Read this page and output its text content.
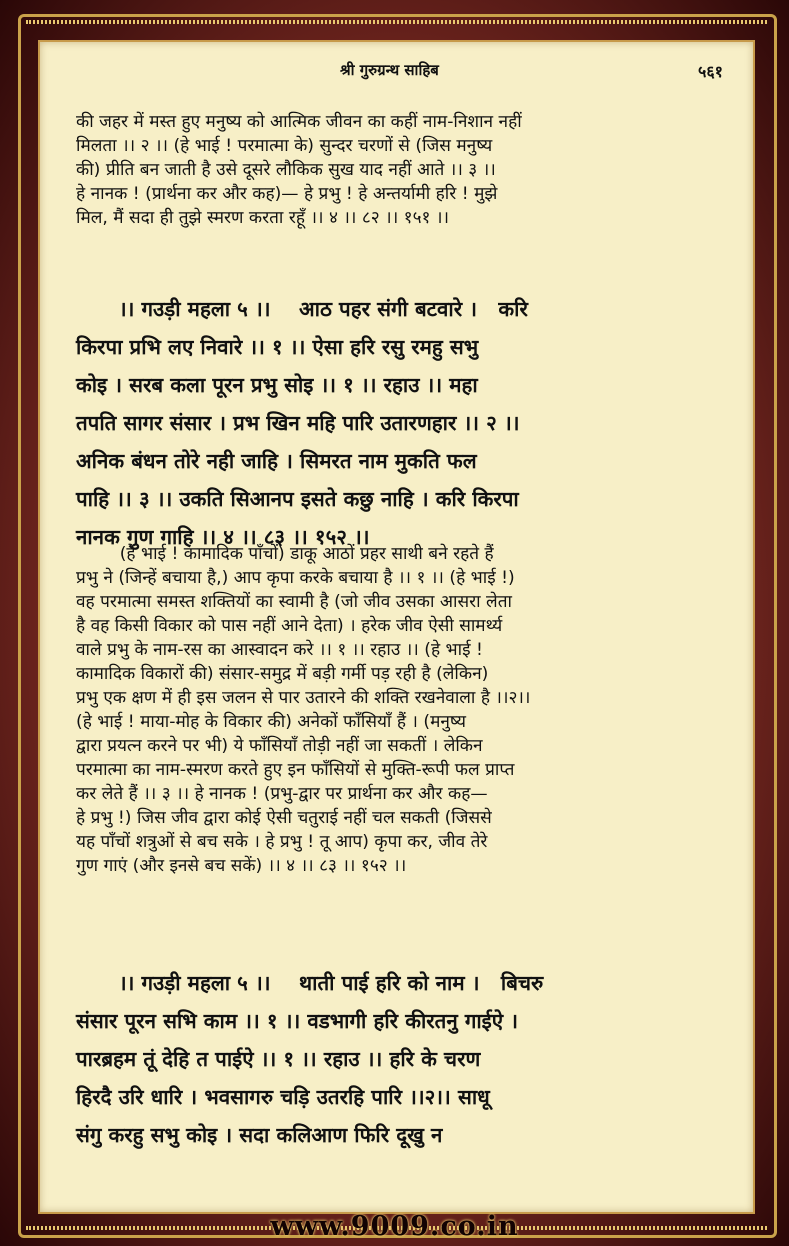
श्री गुरुग्रन्थ साहिब	५६१
की जहर में मस्त हुए मनुष्य को आत्मिक जीवन का कहीं नाम-निशान नहीं
मिलता ।। २ ।। (हे भाई ! परमात्मा के) सुन्दर चरणों से (जिस मनुष्य
की) प्रीति बन जाती है उसे दूसरे लौकिक सुख याद नहीं आते ।। ३ ।।
हे नानक ! (प्रार्थना कर और कह)— हे प्रभु ! हे अन्तर्यामी हरि ! मुझे
मिल, मैं सदा ही तुझे स्मरण करता रहूँ ।। ४ ।। ८२ ।। १५१ ।।
।। गउड़ी महला ५ ।।    आठ पहर संगी बटवारे ।   करि
किरपा प्रभि लए निवारे ।। १ ।। ऐसा हरि रसु रमहु सभु
कोइ । सरब कला पूरन प्रभु सोइ ।। १ ।। रहाउ ।। महा
तपति सागर संसार । प्रभ खिन महि पारि उतारणहार ।। २ ।।
अनिक बंधन तोरे नही जाहि । सिमरत नाम मुकति फल
पाहि ।। ३ ।। उकति सिआनप इसते कछु नाहि । करि किरपा
नानक गुण गाहि ।। ४ ।। ८३ ।। १५२ ।।
(हे भाई ! कामादिक पाँचों) डाकू आठों प्रहर साथी बने रहते हैं
प्रभु ने (जिन्हें बचाया है,) आप कृपा करके बचाया है ।। १ ।। (हे भाई !)
वह परमात्मा समस्त शक्तियों का स्वामी है (जो जीव उसका आसरा लेता
है वह किसी विकार को पास नहीं आने देता) । हरेक जीव ऐसी सामर्थ्य
वाले प्रभु के नाम-रस का आस्वादन करे ।। १ ।। रहाउ ।। (हे भाई !
कामादिक विकारों की) संसार-समुद्र में बड़ी गर्मी पड़ रही है (लेकिन)
प्रभु एक क्षण में ही इस जलन से पार उतारने की शक्ति रखनेवाला है ।।२।।
(हे भाई ! माया-मोह के विकार की) अनेकों फाँसियाँ हैं । (मनुष्य
द्वारा प्रयत्न करने पर भी) ये फाँसियाँ तोड़ी नहीं जा सकतीं । लेकिन
परमात्मा का नाम-स्मरण करते हुए इन फाँसियों से मुक्ति-रूपी फल प्राप्त
कर लेते हैं ।। ३ ।। हे नानक ! (प्रभु-द्वार पर प्रार्थना कर और कह—
हे प्रभु !) जिस जीव द्वारा कोई ऐसी चतुराई नहीं चल सकती (जिससे
यह पाँचों शत्रुओं से बच सके । हे प्रभु ! तू आप) कृपा कर, जीव तेरे
गुण गाएं (और इनसे बच सकें) ।। ४ ।। ८३ ।। १५२ ।।
।। गउड़ी महला ५ ।।    थाती पाई हरि को नाम ।   बिचरु
संसार पूरन सभि काम ।। १ ।। वडभागी हरि कीरतनु गाईऐ ।
पारब्रहम तूं देहि त पाईऐ ।। १ ।। रहाउ ।। हरि के चरण
हिरदै उरि धारि । भवसागरु चड़ि उतरहि पारि ।।२।। साधू
संगु करहु सभु कोइ । सदा कलिआण फिरि दूखु न
www.9009.co.in
